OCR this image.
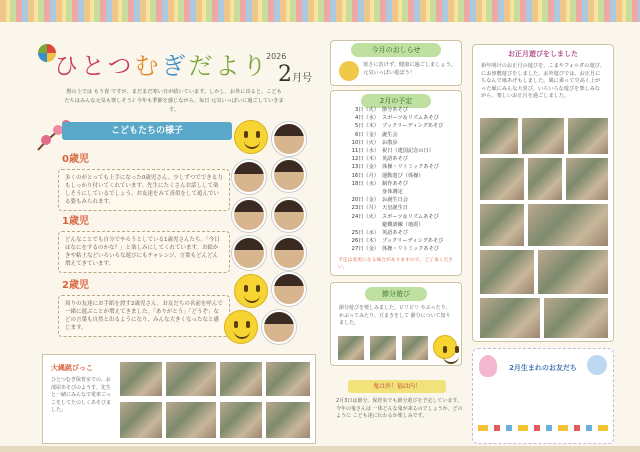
ひとつむぎだより
2026
2月号
暦の上では もう春 ですが、まだまだ寒い日が続いています。しかし、お外に出ると、こどもたちはみんな元気も楽しそう♪ 今年も季節を感じながら、毎日 元気いっぱいに過ごしていきます。
こどもたちの様子
0歳児
多くのがとっても上手になった0歳児さん。少しずつでできる力もしっかり付いてくれています。先生にたくさんお話しして楽しそうにしているでしょう。お友達をみて真似をして遊んでいる姿もみられます。
1歳児
どんなことでも自分でやろうとしている1歳児さんたち。「今日はなにをするのかな？」と楽しみにしてくれています。お絵かきや粘土などいろいろな遊びにもチャレンジ。言葉もどんどん増えてきています。
2歳児
周りの友達にお手紙を渡す2歳児さん。お友だちの名前を呼んで一緒に遊ぶことが増えてきました。「ありがとう」「どうぞ」などの言葉も自然と出るようになり、みんな大きくなったなと感じます。
大縄跳びっこ

ひとつむぎ保育室での、お部屋あそびのようす。先生と一緒にみんなで電車ごっこをしてたのしくあそびました。

今月のおしらせ
寒さに負けず、健康に過ごしましょう。元気いっぱい遊ぼう！
2月の予定
3日（火） 節分あそび
4日（水） スポーツ＆リズムあそび
5日（木） ブックリーディングあそび
6日（金） 誕生会
10日（火） お散歩
11日（水） 祝日（建国記念の日）
12日（木） 英語あそび
13日（金） 体操・リトミックあそび
16日（月） 運動遊び（体操）
18日（水） 制作あそび
身体測定
20日（金） お誕生日会
23日（月） 天皇誕生日
24日（火） スポーツ＆リズムあそび
避難訓練（地震）
25日（水） 英語あそび
26日（木） ブックリーディングあそび
27日（金） 体操・リトミックあそび
予定は変更になる場合がありますので、ご了承ください。
節分遊び
節分遊びを楽しみました。ビリビリ やぶったり、かぶってみたり、豆まきをして 節分について知りました。
鬼は外！福は内！
2月3日は節分。保育室でも節分遊びを予定しています。今年の鬼さんは 一体どんな鬼が来るのでしょうか。どのように こども達に伝わるか楽しみです。
お正月遊びをしました

新年明けのお正月の遊びを、こまやフォルダの遊び、にお座敷遊びをしました。お外遊びでは、お正月にちなんで凧あげもしました。風に乗って空高く上がった凧にみんな大喜び。いろいろな遊びを楽しみながら、楽しいお正月を過ごしました。

2月生まれのお友だち
